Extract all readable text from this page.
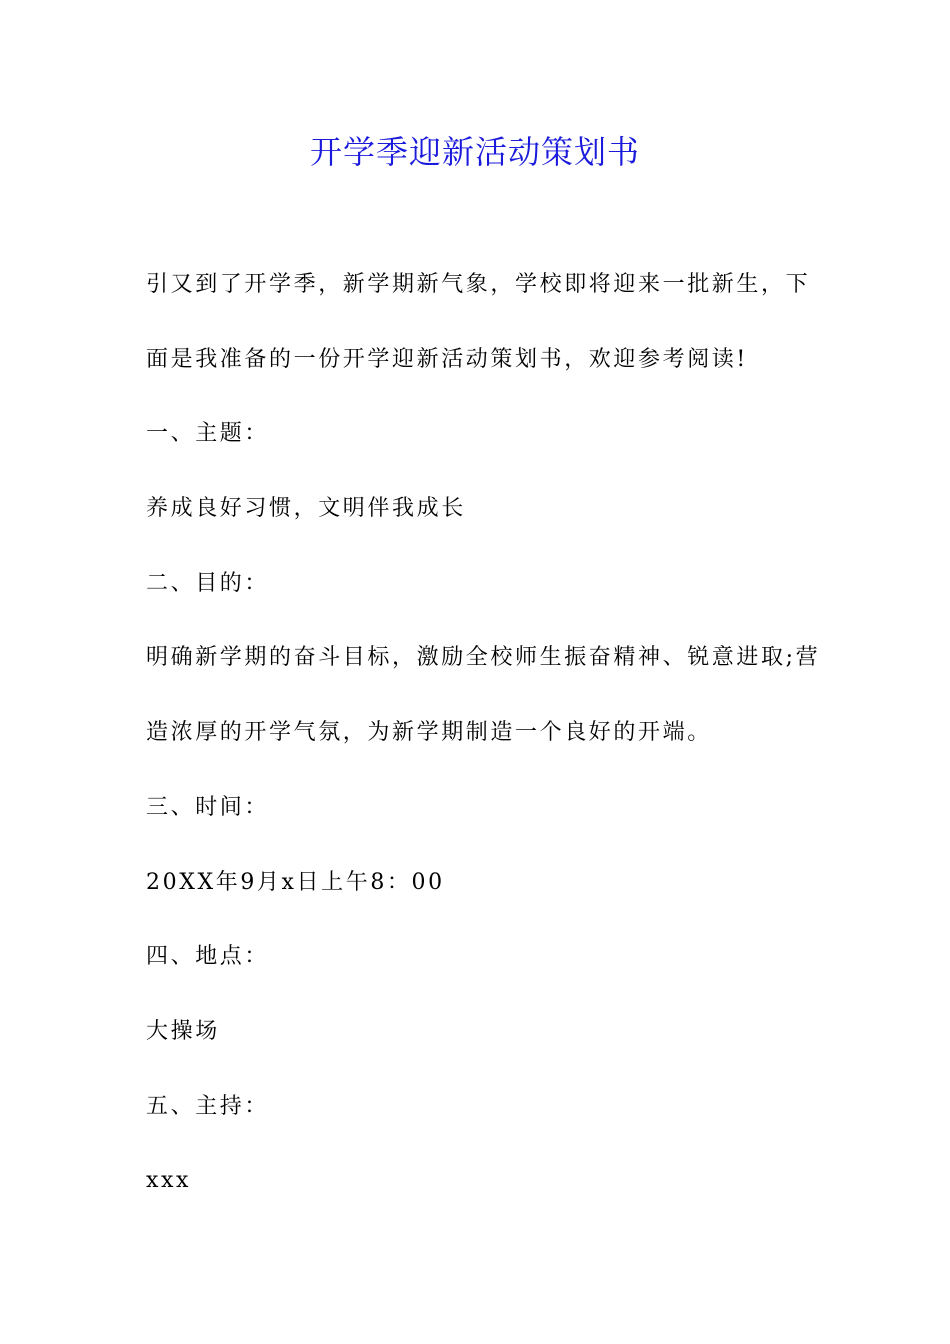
开学季迎新活动策划书
引又到了开学季，新学期新气象，学校即将迎来一批新生，下
面是我准备的一份开学迎新活动策划书，欢迎参考阅读!
一、主题：
养成良好习惯，文明伴我成长
二、目的：
明确新学期的奋斗目标，激励全校师生振奋精神、锐意进取;营
造浓厚的开学气氛，为新学期制造一个良好的开端。
三、时间：
20XX年9月x日上午8：00
四、地点：
大操场
五、主持：
xxx
